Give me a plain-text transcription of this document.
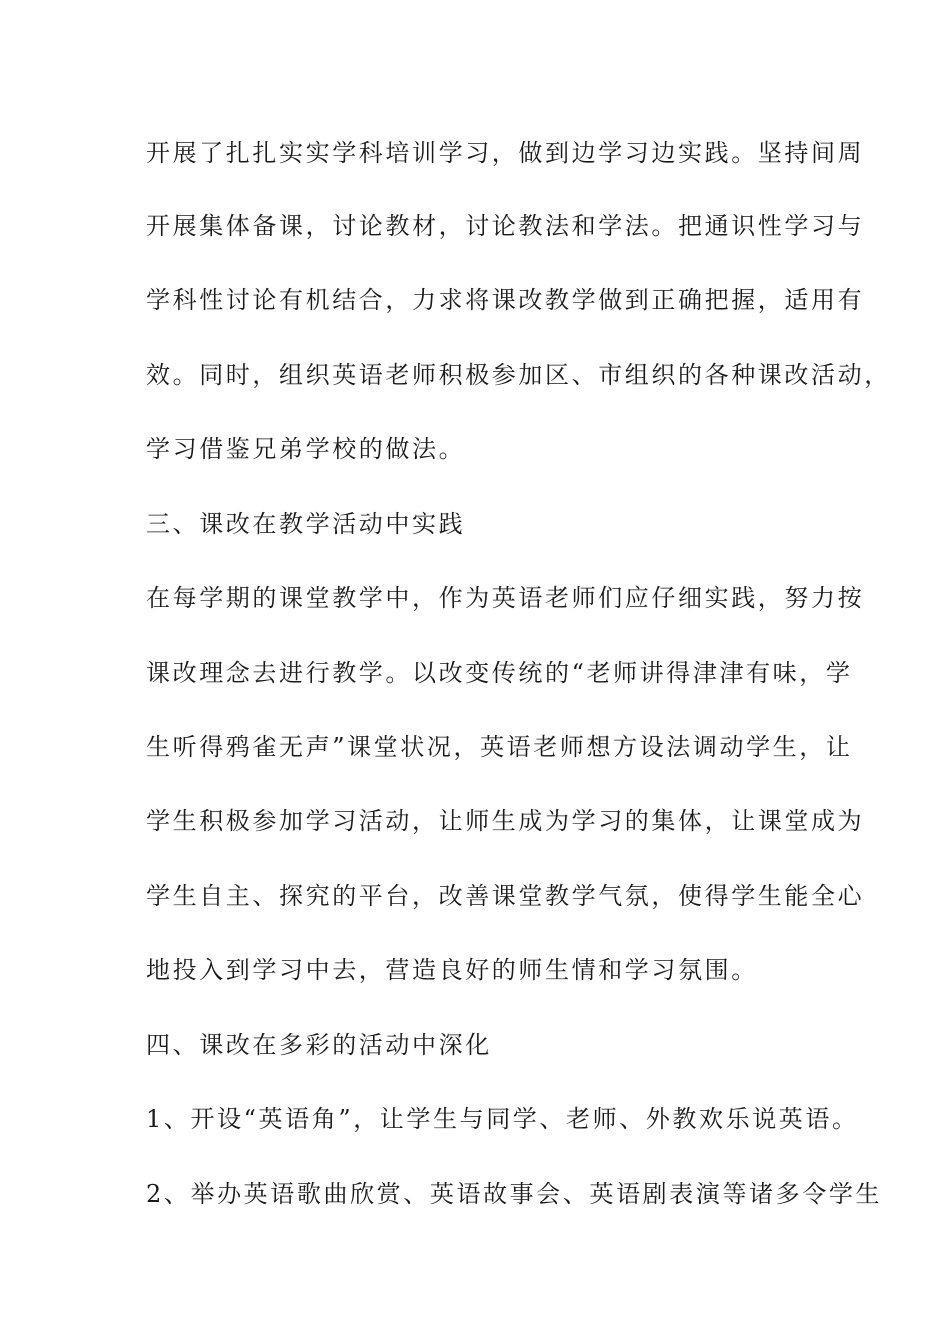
开展了扎扎实实学科培训学习，做到边学习边实践。坚持间周
开展集体备课，讨论教材，讨论教法和学法。把通识性学习与
学科性讨论有机结合，力求将课改教学做到正确把握，适用有
效。同时，组织英语老师积极参加区、市组织的各种课改活动，
学习借鉴兄弟学校的做法。
三、课改在教学活动中实践
在每学期的课堂教学中，作为英语老师们应仔细实践，努力按
课改理念去进行教学。以改变传统的“老师讲得津津有味，学
生听得鸦雀无声”课堂状况，英语老师想方设法调动学生，让
学生积极参加学习活动，让师生成为学习的集体，让课堂成为
学生自主、探究的平台，改善课堂教学气氛，使得学生能全心
地投入到学习中去，营造良好的师生情和学习氛围。
四、课改在多彩的活动中深化
1、开设“英语角”，让学生与同学、老师、外教欢乐说英语。
2、举办英语歌曲欣赏、英语故事会、英语剧表演等诸多令学生
